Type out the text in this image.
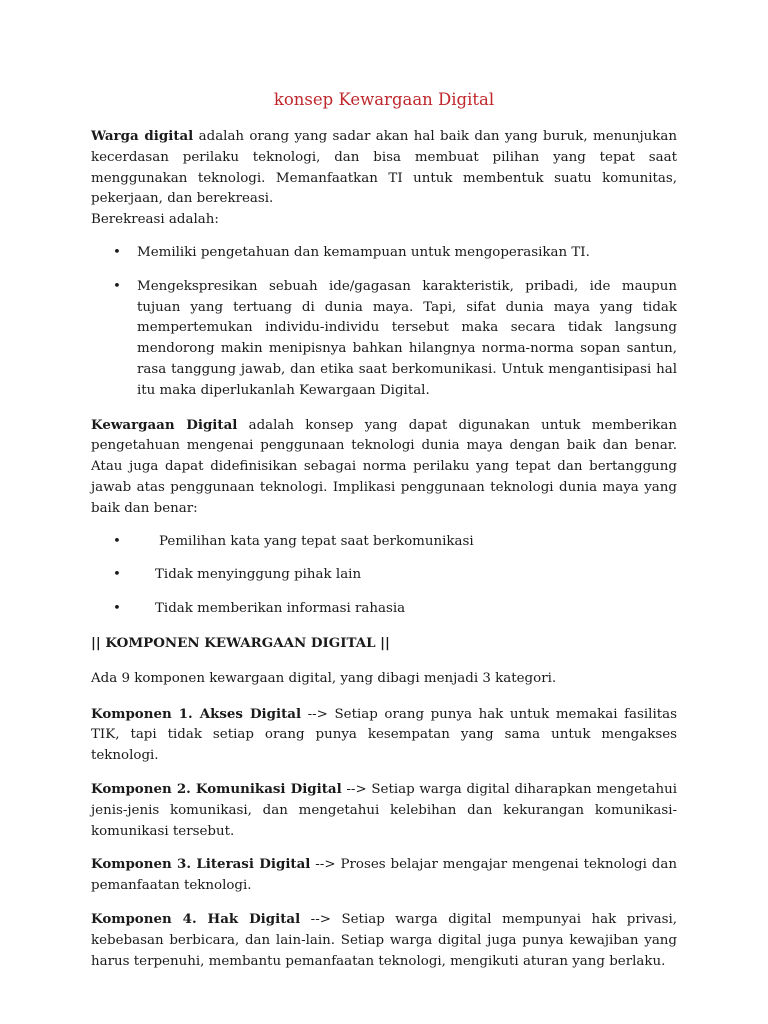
konsep Kewargaan Digital

Warga digital adalah orang yang sadar akan hal baik dan yang buruk, menunjukan kecerdasan perilaku teknologi, dan bisa membuat pilihan yang tepat saat menggunakan teknologi. Memanfaatkan TI untuk membentuk suatu komunitas, pekerjaan, dan berekreasi.

Berekreasi adalah:

• Memiliki pengetahuan dan kemampuan untuk mengoperasikan TI.
• Mengekspresikan sebuah ide/gagasan karakteristik, pribadi, ide maupun tujuan yang tertuang di dunia maya. Tapi, sifat dunia maya yang tidak mempertemukan individu-individu tersebut maka secara tidak langsung mendorong makin menipisnya bahkan hilangnya norma-norma sopan santun, rasa tanggung jawab, dan etika saat berkomunikasi. Untuk mengantisipasi hal itu maka diperlukanlah Kewargaan Digital.

Kewargaan Digital adalah konsep yang dapat digunakan untuk memberikan pengetahuan mengenai penggunaan teknologi dunia maya dengan baik dan benar. Atau juga dapat didefinisikan sebagai norma perilaku yang tepat dan bertanggung jawab atas penggunaan teknologi. Implikasi penggunaan teknologi dunia maya yang baik dan benar:

• Pemilihan kata yang tepat saat berkomunikasi
• Tidak menyinggung pihak lain
• Tidak memberikan informasi rahasia

|| KOMPONEN KEWARGAAN DIGITAL ||

Ada 9 komponen kewargaan digital, yang dibagi menjadi 3 kategori.

Komponen 1. Akses Digital --> Setiap orang punya hak untuk memakai fasilitas TIK, tapi tidak setiap orang punya kesempatan yang sama untuk mengakses teknologi.

Komponen 2. Komunikasi Digital --> Setiap warga digital diharapkan mengetahui jenis-jenis komunikasi, dan mengetahui kelebihan dan kekurangan komunikasi-komunikasi tersebut.

Komponen 3. Literasi Digital --> Proses belajar mengajar mengenai teknologi dan pemanfaatan teknologi.

Komponen 4. Hak Digital --> Setiap warga digital mempunyai hak privasi, kebebasan berbicara, dan lain-lain. Setiap warga digital juga punya kewajiban yang harus terpenuhi, membantu pemanfaatan teknologi, mengikuti aturan yang berlaku.
